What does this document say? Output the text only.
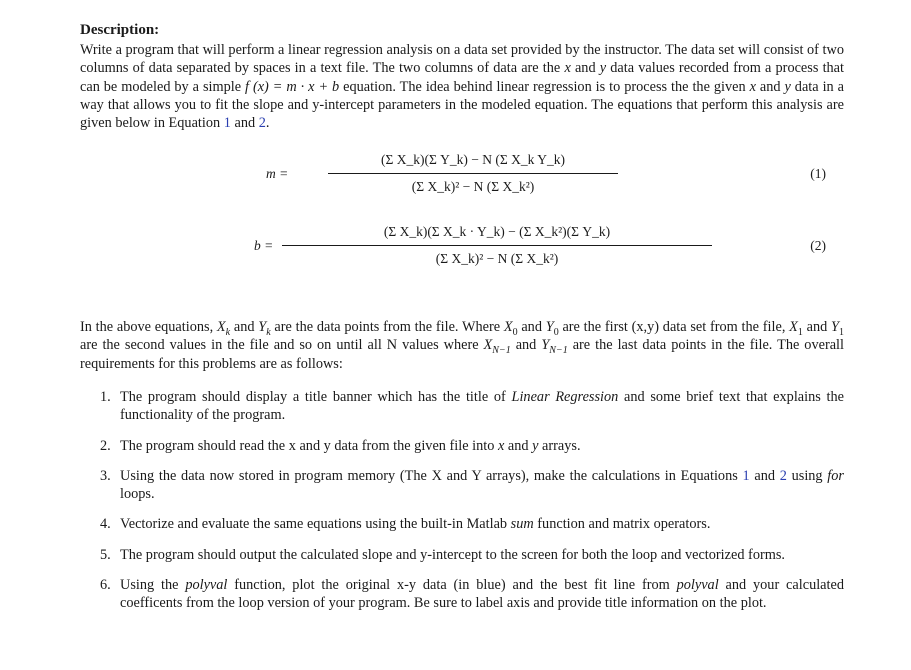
Description:
Write a program that will perform a linear regression analysis on a data set provided by the instructor. The data set will consist of two columns of data separated by spaces in a text file. The two columns of data are the x and y data values recorded from a process that can be modeled by a simple f (x) = m · x + b equation. The idea behind linear regression is to process the the given x and y data in a way that allows you to fit the slope and y-intercept parameters in the modeled equation. The equations that perform this analysis are given below in Equation 1 and 2.
m =
(Σ X_k)(Σ Y_k) − N (Σ X_k Y_k)
(Σ X_k)² − N (Σ X_k²)
(1)
b =
(Σ X_k)(Σ X_k · Y_k) − (Σ X_k²)(Σ Y_k)
(Σ X_k)² − N (Σ X_k²)
(2)
In the above equations, $X_k$ and $Y_k$ are the data points from the file. Where $X_0$ and $Y_0$ are the first (x,y) data set from the file, $X_1$ and $Y_1$ are the second values in the file and so on until all N values where $X_{N-1}$ and $Y_{N-1}$ are the last data points in the file. The overall requirements for this problems are as follows:
1. The program should display a title banner which has the title of Linear Regression and some brief text that explains the functionality of the program.
2. The program should read the x and y data from the given file into x and y arrays.
3. Using the data now stored in program memory (The X and Y arrays), make the calculations in Equations 1 and 2 using for loops.
4. Vectorize and evaluate the same equations using the built-in Matlab sum function and matrix operators.
5. The program should output the calculated slope and y-intercept to the screen for both the loop and vectorized forms.
6. Using the polyval function, plot the original x-y data (in blue) and the best fit line from polyval and your calculated coefficents from the loop version of your program. Be sure to label axis and provide title information on the plot.
